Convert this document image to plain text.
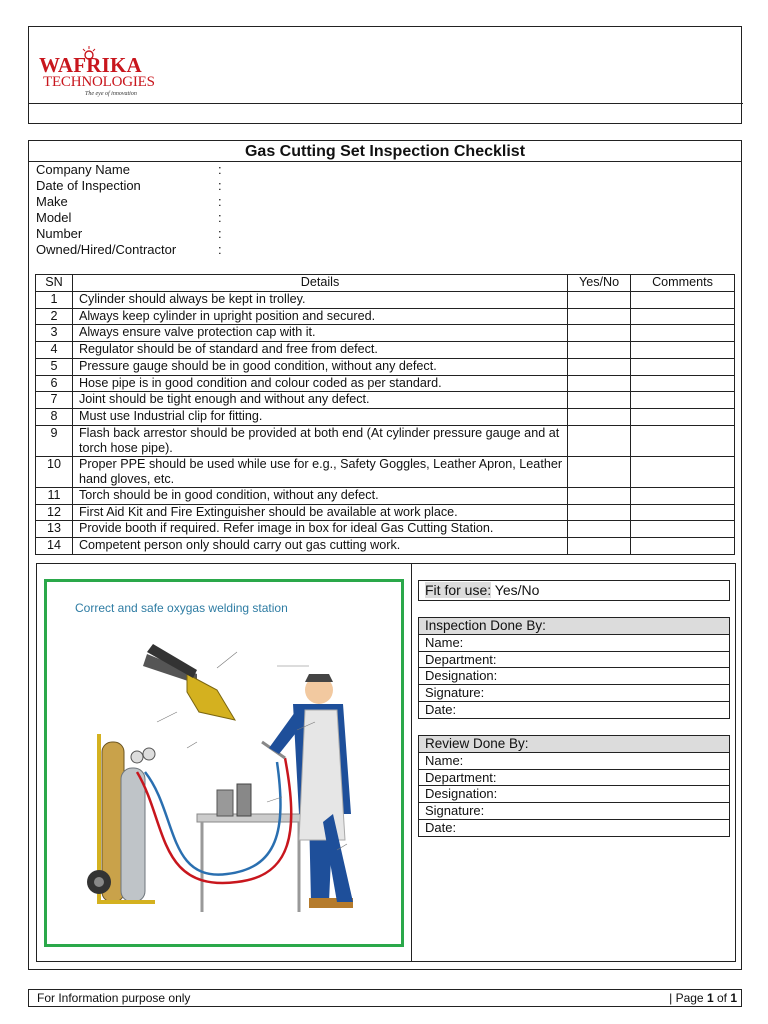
WAFRIKA
TECHNOLOGIES
The eye of innovation
Gas Cutting Set Inspection Checklist
Company Name	:
Date of Inspection	:
Make	:
Model	:
Number	:
Owned/Hired/Contractor	:
SN	Details	Yes/No	Comments
1	Cylinder should always be kept in trolley.		
2	Always keep cylinder in upright position and secured.		
3	Always ensure valve protection cap with it.		
4	Regulator should be of standard and free from defect.		
5	Pressure gauge should be in good condition, without any defect.		
6	Hose pipe is in good condition and colour coded as per standard.		
7	Joint should be tight enough and without any defect.		
8	Must use Industrial clip for fitting.		
9	Flash back arrestor should be provided at both end (At cylinder pressure gauge and at torch hose pipe).		
10	Proper PPE should be used while use for e.g., Safety Goggles, Leather Apron, Leather hand gloves, etc.		
11	Torch should be in good condition, without any defect.		
12	First Aid Kit and Fire Extinguisher should be available at work place.		
13	Provide booth if required. Refer image in box for ideal Gas Cutting Station.		
14	Competent person only should carry out gas cutting work.		
Correct and safe oxygas welding station
Fit for use: Yes/No
Inspection Done By:
Name:
Department:
Designation:
Signature:
Date:
Review Done By:
Name:
Department:
Designation:
Signature:
Date:
For Information purpose only	| Page 1 of 1
